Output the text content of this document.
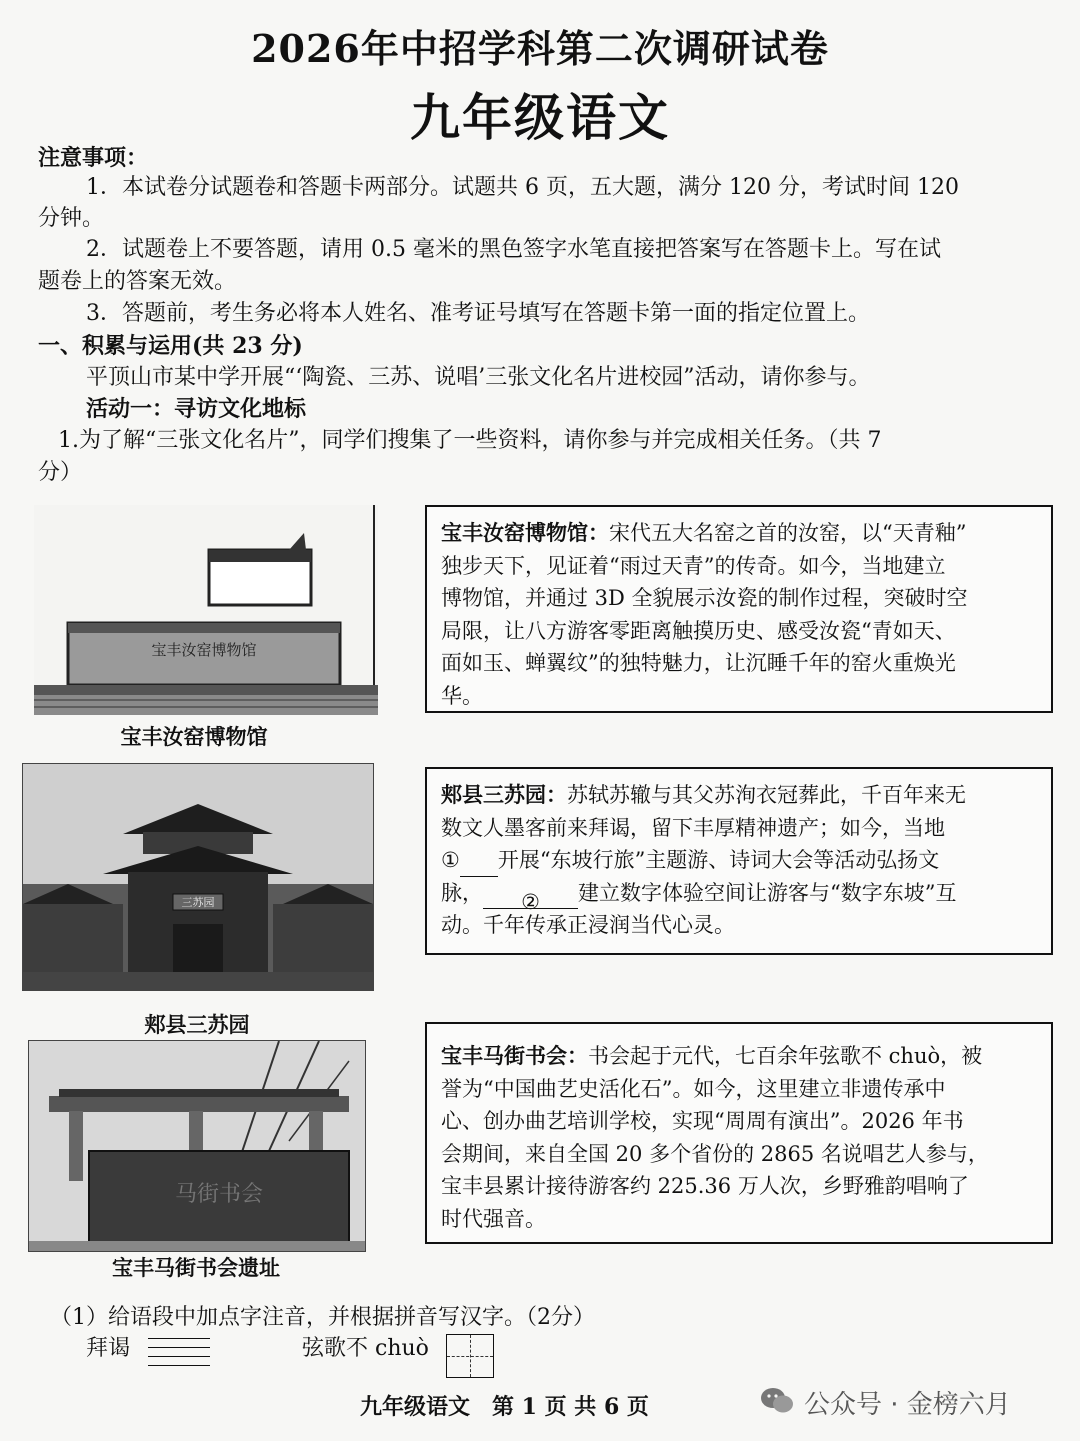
2026年中招学科第二次调研试卷
九年级语文
注意事项：
1．本试卷分试题卷和答题卡两部分。试题共 6 页，五大题，满分 120 分，考试时间 120
分钟。
2．试题卷上不要答题，请用 0.5 毫米的黑色签字水笔直接把答案写在答题卡上。写在试
题卷上的答案无效。
3．答题前，考生务必将本人姓名、准考证号填写在答题卡第一面的指定位置上。
一、积累与运用(共 23 分)
平顶山市某中学开展“‘陶瓷、三苏、说唱’三张文化名片进校园”活动，请你参与。
活动一：寻访文化地标
1.为了解“三张文化名片”，同学们搜集了一些资料，请你参与并完成相关任务。（共 7
分）
宝丰汝窑博物馆
宝丰汝窑博物馆
宝丰汝窑博物馆：宋代五大名窑之首的汝窑，以“天青釉”
独步天下，见证着“雨过天青”的传奇。如今，当地建立
博物馆，并通过 3D 全貌展示汝瓷的制作过程，突破时空
局限，让八方游客零距离触摸历史、感受汝瓷“青如天、
面如玉、蝉翼纹”的独特魅力，让沉睡千年的窑火重焕光
华。
三苏园
郏县三苏园
郏县三苏园：苏轼苏辙与其父苏洵衣冠葬此，千百年来无
数文人墨客前来拜谒，留下丰厚精神遗产；如今，当地
① 开展“东坡行旅”主题游、诗词大会等活动弘扬文
脉， ② 建立数字体验空间让游客与“数字东坡”互
动。千年传承正浸润当代心灵。
马街书会
宝丰马街书会遗址
宝丰马街书会：书会起于元代，七百余年弦歌不 chuò，被
誉为“中国曲艺史活化石”。如今，这里建立非遗传承中
心、创办曲艺培训学校，实现“周周有演出”。2026 年书
会期间，来自全国 20 多个省份的 2865 名说唱艺人参与，
宝丰县累计接待游客约 225.36 万人次，乡野雅韵唱响了
时代强音。
（1）给语段中加点字注音，并根据拼音写汉字。（2分）
拜谒	弦歌不 chuò
九年级语文　第 1 页 共 6 页	公众号 · 金榜六月
